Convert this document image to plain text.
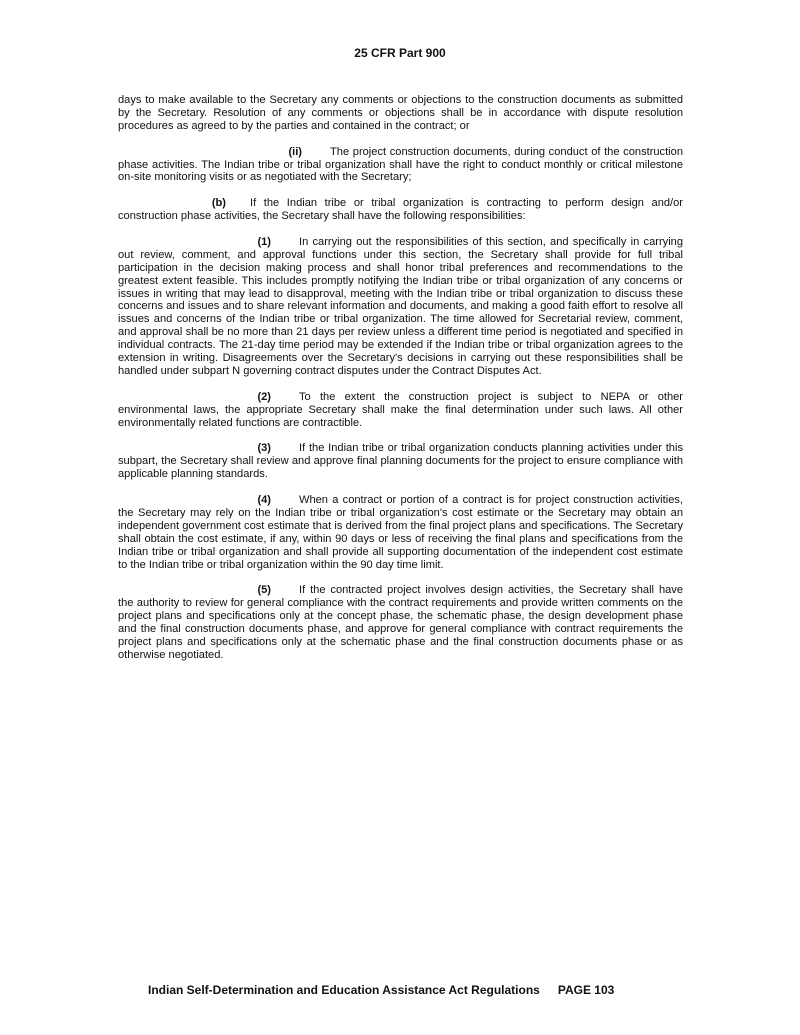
25 CFR Part 900

days to make available to the Secretary any comments or objections to the construction documents as submitted by the Secretary. Resolution of any comments or objections shall be in accordance with dispute resolution procedures as agreed to by the parties and contained in the contract; or

(ii)	The project construction documents, during conduct of the construction phase activities. The Indian tribe or tribal organization shall have the right to conduct monthly or critical milestone on-site monitoring visits or as negotiated with the Secretary;

(b) If the Indian tribe or tribal organization is contracting to perform design and/or construction phase activities, the Secretary shall have the following responsibilities:

(1)	In carrying out the responsibilities of this section, and specifically in carrying out review, comment, and approval functions under this section, the Secretary shall provide for full tribal participation in the decision making process and shall honor tribal preferences and recommendations to the greatest extent feasible. This includes promptly notifying the Indian tribe or tribal organization of any concerns or issues in writing that may lead to disapproval, meeting with the Indian tribe or tribal organization to discuss these concerns and issues and to share relevant information and documents, and making a good faith effort to resolve all issues and concerns of the Indian tribe or tribal organization. The time allowed for Secretarial review, comment, and approval shall be no more than 21 days per review unless a different time period is negotiated and specified in individual contracts. The 21-day time period may be extended if the Indian tribe or tribal organization agrees to the extension in writing. Disagreements over the Secretary's decisions in carrying out these responsibilities shall be handled under subpart N governing contract disputes under the Contract Disputes Act.

(2)	To the extent the construction project is subject to NEPA or other environmental laws, the appropriate Secretary shall make the final determination under such laws. All other environmentally related functions are contractible.

(3)	If the Indian tribe or tribal organization conducts planning activities under this subpart, the Secretary shall review and approve final planning documents for the project to ensure compliance with applicable planning standards.

(4)	When a contract or portion of a contract is for project construction activities, the Secretary may rely on the Indian tribe or tribal organization's cost estimate or the Secretary may obtain an independent government cost estimate that is derived from the final project plans and specifications. The Secretary shall obtain the cost estimate, if any, within 90 days or less of receiving the final plans and specifications from the Indian tribe or tribal organization and shall provide all supporting documentation of the independent cost estimate to the Indian tribe or tribal organization within the 90 day time limit.

(5)	If the contracted project involves design activities, the Secretary shall have the authority to review for general compliance with the contract requirements and provide written comments on the project plans and specifications only at the concept phase, the schematic phase, the design development phase and the final construction documents phase, and approve for general compliance with contract requirements the project plans and specifications only at the schematic phase and the final construction documents phase or as otherwise negotiated.

Indian Self-Determination and Education Assistance Act Regulations PAGE 103
